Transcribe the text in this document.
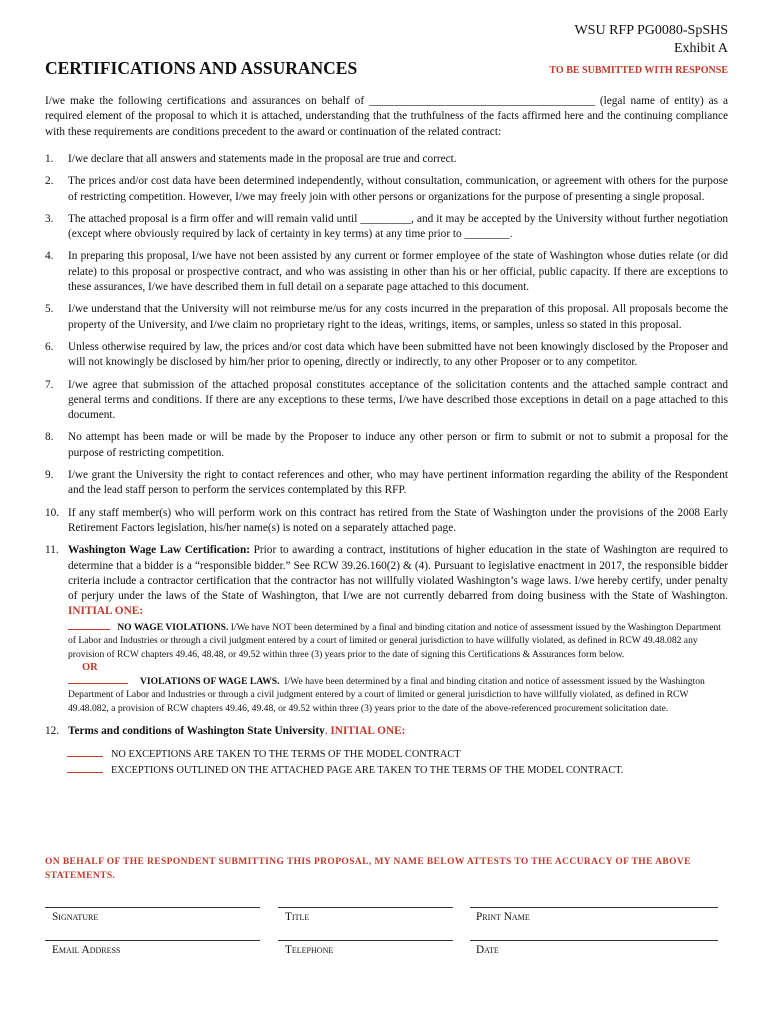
WSU RFP PG0080-SpSHS
Exhibit A
CERTIFICATIONS AND ASSURANCES	TO BE SUBMITTED WITH RESPONSE
I/we make the following certifications and assurances on behalf of ________________________________________ (legal name of entity) as a required element of the proposal to which it is attached, understanding that the truthfulness of the facts affirmed here and the continuing compliance with these requirements are conditions precedent to the award or continuation of the related contract:
1.	I/we declare that all answers and statements made in the proposal are true and correct.
2.	The prices and/or cost data have been determined independently, without consultation, communication, or agreement with others for the purpose of restricting competition. However, I/we may freely join with other persons or organizations for the purpose of presenting a single proposal.
3.	The attached proposal is a firm offer and will remain valid until _________, and it may be accepted by the University without further negotiation (except where obviously required by lack of certainty in key terms) at any time prior to ________.
4.	In preparing this proposal, I/we have not been assisted by any current or former employee of the state of Washington whose duties relate (or did relate) to this proposal or prospective contract, and who was assisting in other than his or her official, public capacity. If there are exceptions to these assurances, I/we have described them in full detail on a separate page attached to this document.
5.	I/we understand that the University will not reimburse me/us for any costs incurred in the preparation of this proposal. All proposals become the property of the University, and I/we claim no proprietary right to the ideas, writings, items, or samples, unless so stated in this proposal.
6.	Unless otherwise required by law, the prices and/or cost data which have been submitted have not been knowingly disclosed by the Proposer and will not knowingly be disclosed by him/her prior to opening, directly or indirectly, to any other Proposer or to any competitor.
7.	I/we agree that submission of the attached proposal constitutes acceptance of the solicitation contents and the attached sample contract and general terms and conditions. If there are any exceptions to these terms, I/we have described those exceptions in detail on a page attached to this document.
8.	No attempt has been made or will be made by the Proposer to induce any other person or firm to submit or not to submit a proposal for the purpose of restricting competition.
9.	I/we grant the University the right to contact references and other, who may have pertinent information regarding the ability of the Respondent and the lead staff person to perform the services contemplated by this RFP.
10. If any staff member(s) who will perform work on this contract has retired from the State of Washington under the provisions of the 2008 Early Retirement Factors legislation, his/her name(s) is noted on a separately attached page.
11. Washington Wage Law Certification: Prior to awarding a contract, institutions of higher education in the state of Washington are required to determine that a bidder is a “responsible bidder.” See RCW 39.26.160(2) & (4). Pursuant to legislative enactment in 2017, the responsible bidder criteria include a contractor certification that the contractor has not willfully violated Washington’s wage laws. I/we hereby certify, under penalty of perjury under the laws of the State of Washington, that I/we are not currently debarred from doing business with the State of Washington. INITIAL ONE:

NO WAGE VIOLATIONS. I/We have NOT been determined by a final and binding citation and notice of assessment issued by the Washington Department of Labor and Industries or through a civil judgment entered by a court of limited or general jurisdiction to have willfully violated, as defined in RCW 49.48.082 any provision of RCW chapters 49.46, 48.48, or 49.52 within three (3) years prior to the date of signing this Certifications & Assurances form below.

OR

VIOLATIONS OF WAGE LAWS. I/We have been determined by a final and binding citation and notice of assessment issued by the Washington Department of Labor and Industries or through a civil judgment entered by a court of limited or general jurisdiction to have willfully violated, as defined in RCW 49.48.082, a provision of RCW chapters 49.46, 49.48, or 49.52 within three (3) years prior to the date of the above-referenced procurement solicitation date.

12. Terms and conditions of Washington State University. INITIAL ONE:
NO EXCEPTIONS ARE TAKEN TO THE TERMS OF THE MODEL CONTRACT
EXCEPTIONS OUTLINED ON THE ATTACHED PAGE ARE TAKEN TO THE TERMS OF THE MODEL CONTRACT.
ON BEHALF OF THE RESPONDENT SUBMITTING THIS PROPOSAL, MY NAME BELOW ATTESTS TO THE ACCURACY OF THE ABOVE STATEMENTS.
Signature	Title	Print Name
Email Address	Telephone	Date
